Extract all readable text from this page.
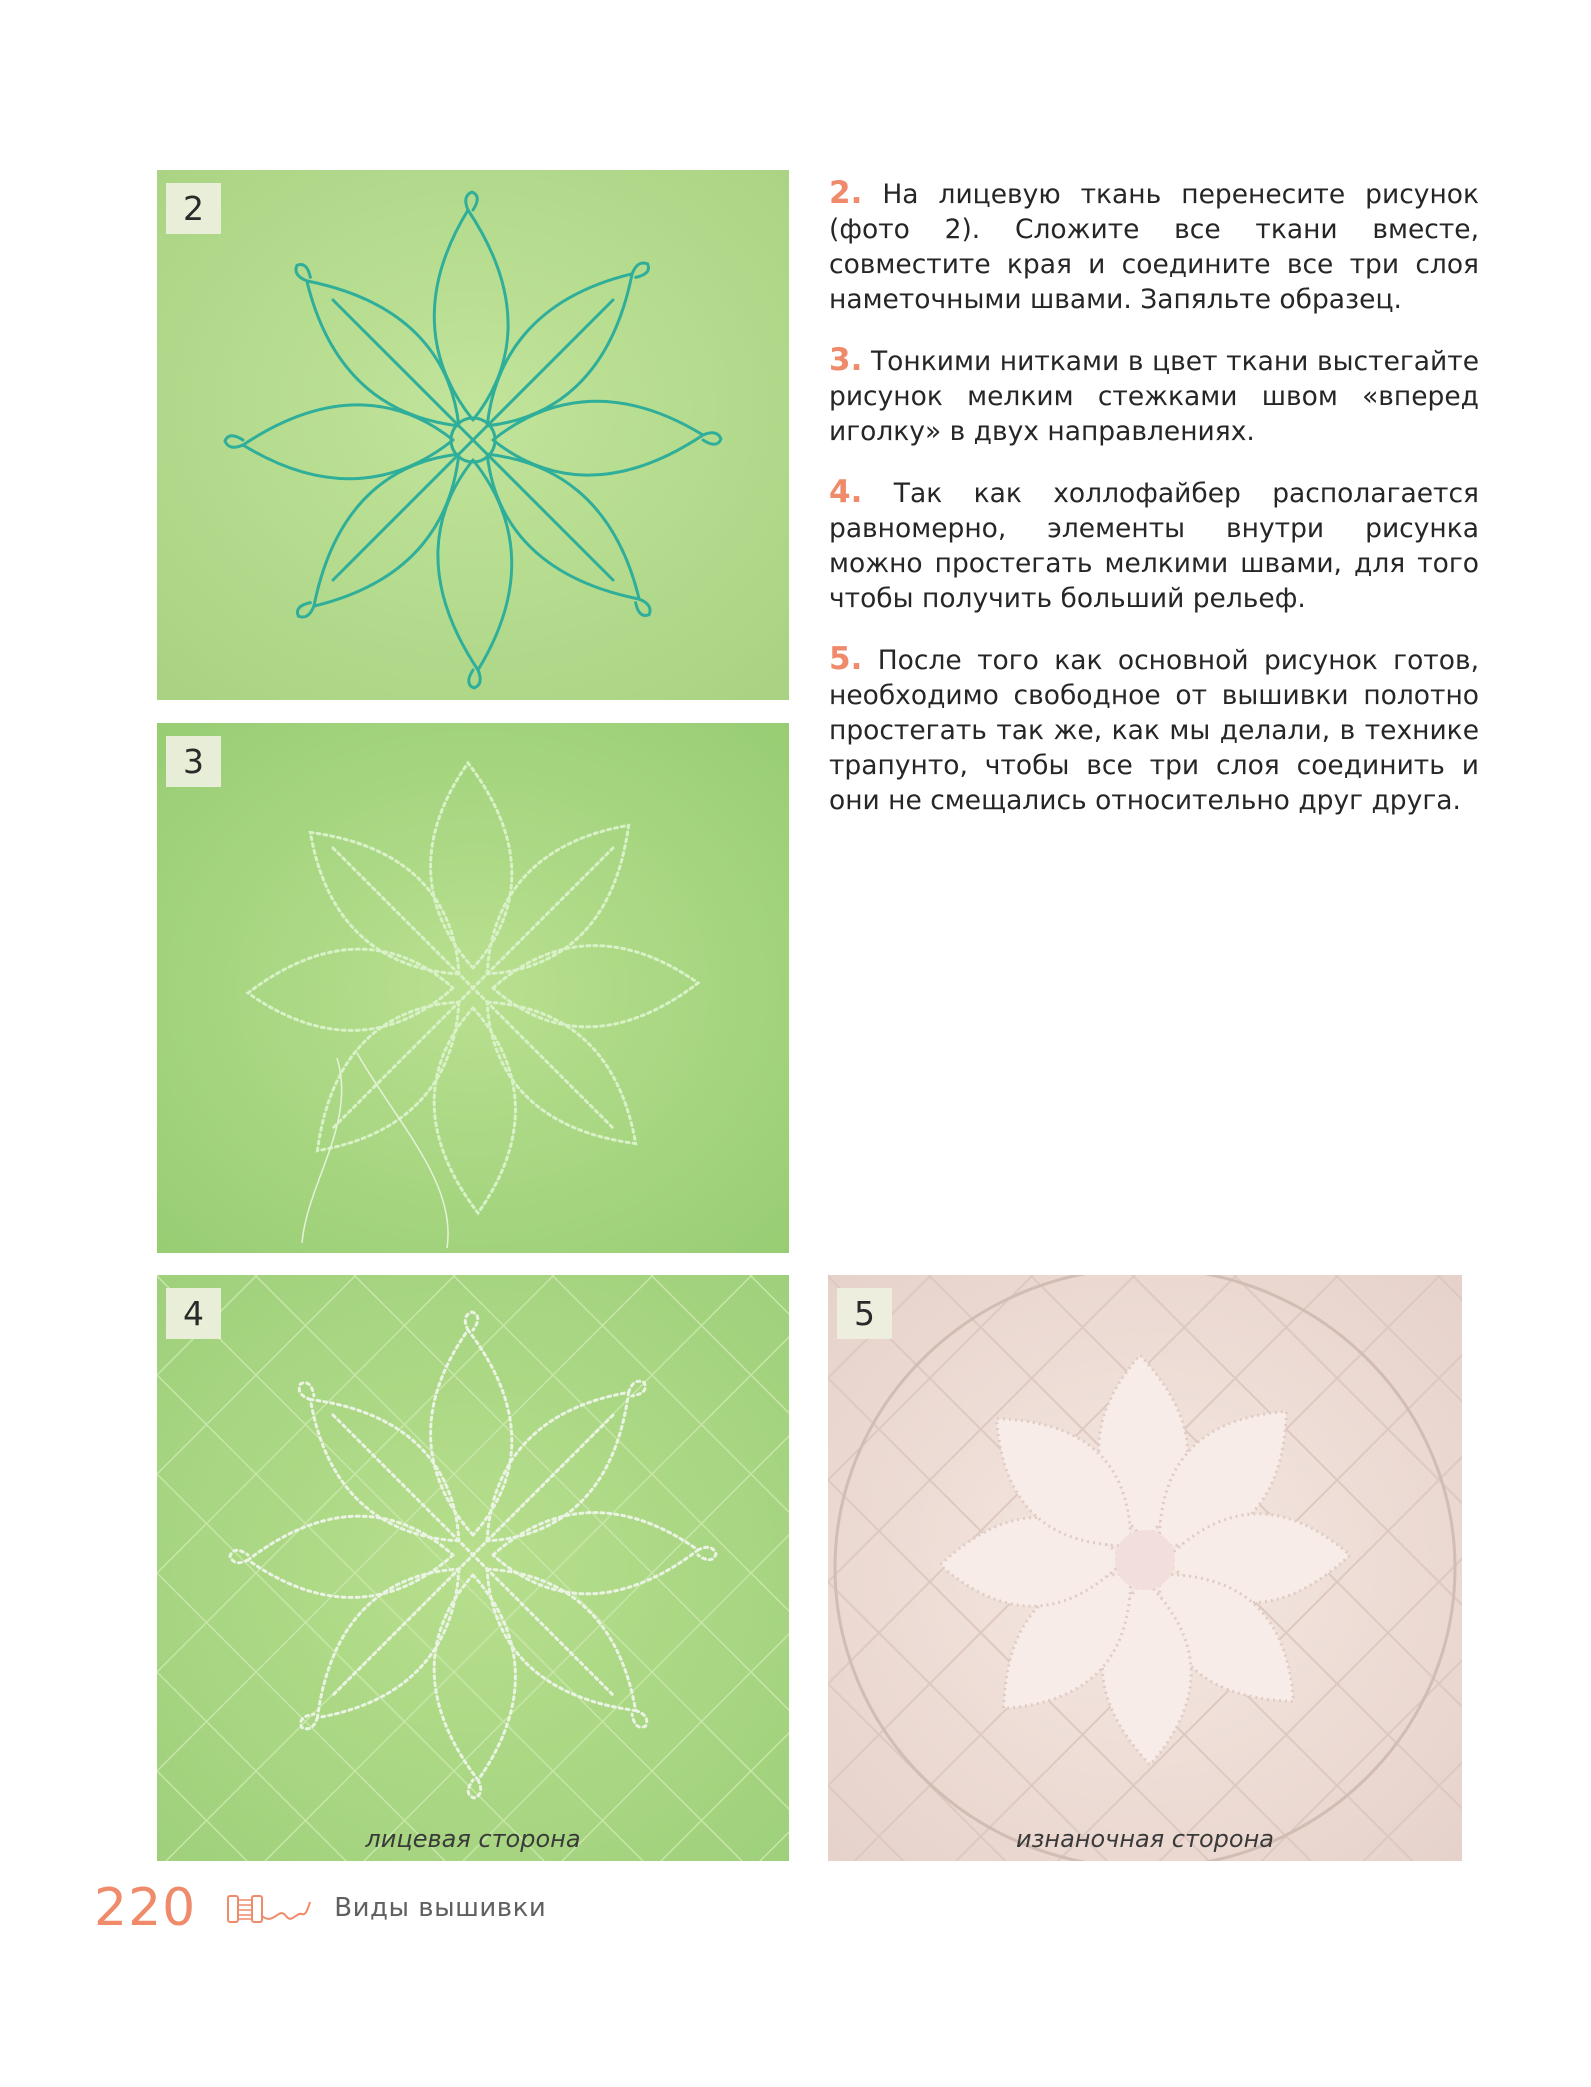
2
3
4
лицевая сторона
5
изнаночная сторона

2. На лицевую ткань перенесите рисунок (фото 2). Сложите все ткани вместе, совместите края и соедините все три слоя наметочными швами. Запяльте образец.

3. Тонкими нитками в цвет ткани выстегайте рисунок мелким стежками швом «вперед иголку» в двух направлениях.

4. Так как холлофайбер располагается равномерно, элементы внутри рисунка можно простегать мелкими швами, для того чтобы получить больший рельеф.

5. После того как основной рисунок готов, необходимо свободное от вышивки полотно простегать так же, как мы делали, в технике трапунто, чтобы все три слоя соединить и они не смещались относительно друг друга.

220	Виды вышивки
